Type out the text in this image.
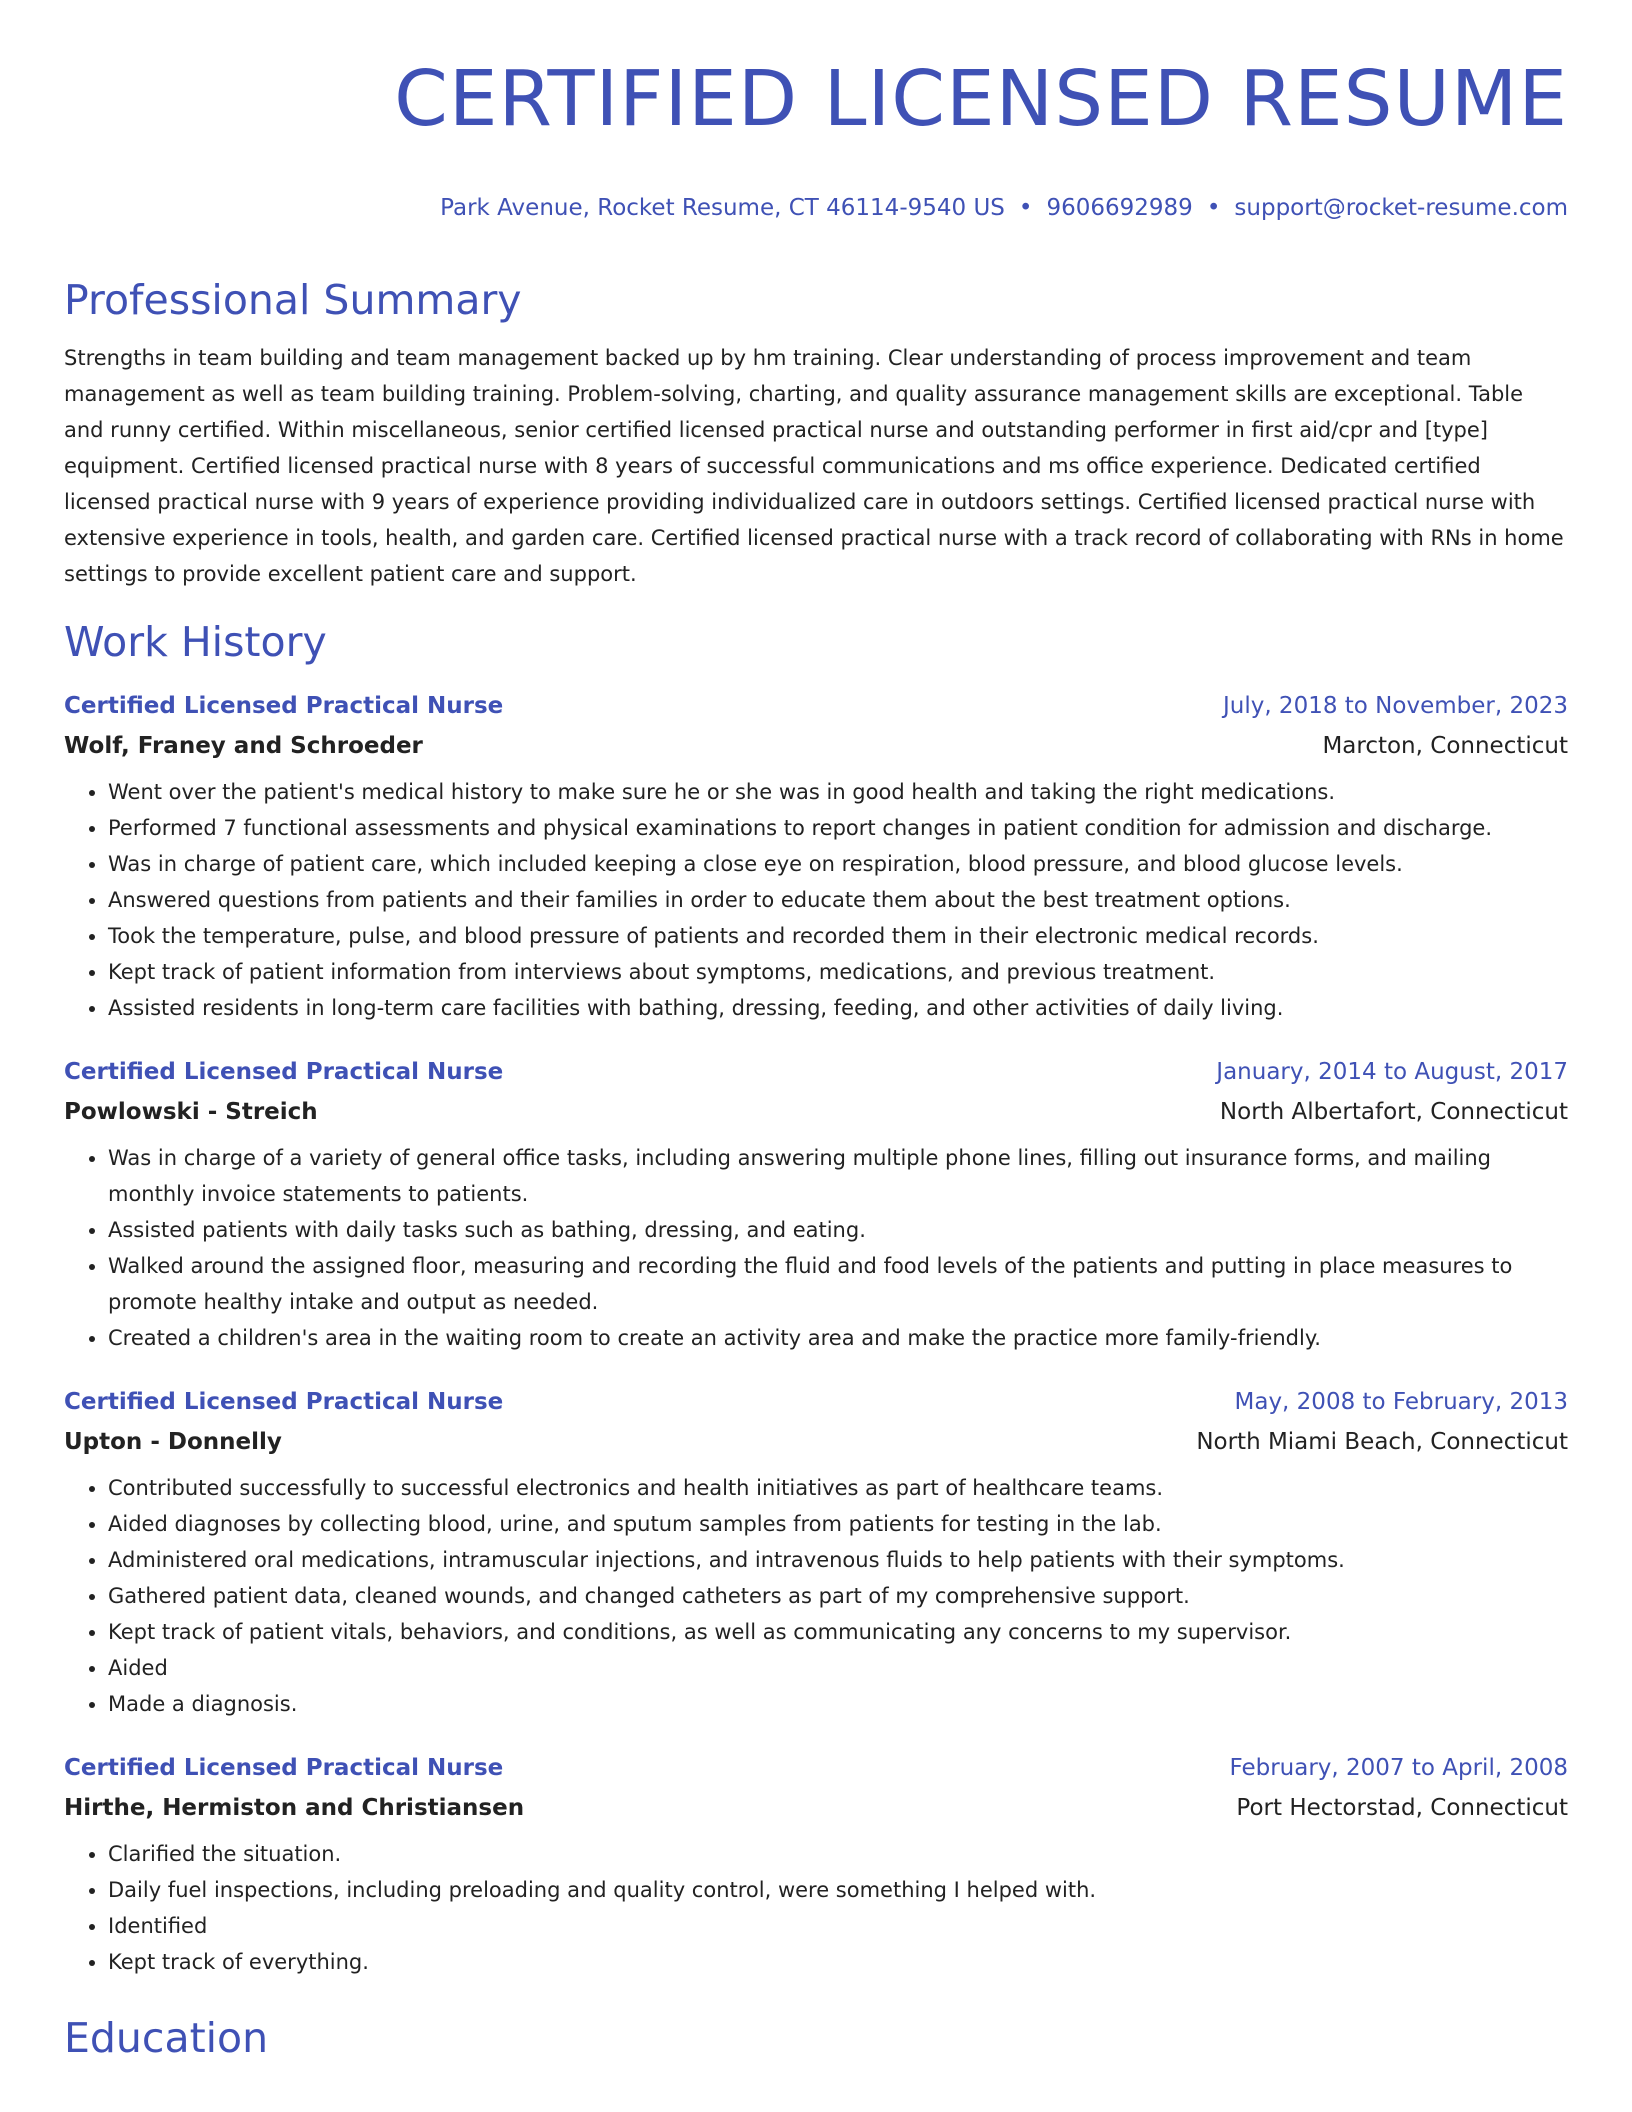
CERTIFIED LICENSED RESUME
Park Avenue, Rocket Resume, CT 46114-9540 US • 9606692989 • support@rocket-resume.com
Professional Summary
Strengths in team building and team management backed up by hm training. Clear understanding of process improvement and team management as well as team building training. Problem-solving, charting, and quality assurance management skills are exceptional. Table and runny certified. Within miscellaneous, senior certified licensed practical nurse and outstanding performer in first aid/cpr and [type] equipment. Certified licensed practical nurse with 8 years of successful communications and ms office experience. Dedicated certified licensed practical nurse with 9 years of experience providing individualized care in outdoors settings. Certified licensed practical nurse with extensive experience in tools, health, and garden care. Certified licensed practical nurse with a track record of collaborating with RNs in home settings to provide excellent patient care and support.
Work History
Certified Licensed Practical Nurse	July, 2018 to November, 2023
Wolf, Franey and Schroeder	Marcton, Connecticut
• Went over the patient's medical history to make sure he or she was in good health and taking the right medications.
• Performed 7 functional assessments and physical examinations to report changes in patient condition for admission and discharge.
• Was in charge of patient care, which included keeping a close eye on respiration, blood pressure, and blood glucose levels.
• Answered questions from patients and their families in order to educate them about the best treatment options.
• Took the temperature, pulse, and blood pressure of patients and recorded them in their electronic medical records.
• Kept track of patient information from interviews about symptoms, medications, and previous treatment.
• Assisted residents in long-term care facilities with bathing, dressing, feeding, and other activities of daily living.
Certified Licensed Practical Nurse	January, 2014 to August, 2017
Powlowski - Streich	North Albertafort, Connecticut
• Was in charge of a variety of general office tasks, including answering multiple phone lines, filling out insurance forms, and mailing monthly invoice statements to patients.
• Assisted patients with daily tasks such as bathing, dressing, and eating.
• Walked around the assigned floor, measuring and recording the fluid and food levels of the patients and putting in place measures to promote healthy intake and output as needed.
• Created a children's area in the waiting room to create an activity area and make the practice more family-friendly.
Certified Licensed Practical Nurse	May, 2008 to February, 2013
Upton - Donnelly	North Miami Beach, Connecticut
• Contributed successfully to successful electronics and health initiatives as part of healthcare teams.
• Aided diagnoses by collecting blood, urine, and sputum samples from patients for testing in the lab.
• Administered oral medications, intramuscular injections, and intravenous fluids to help patients with their symptoms.
• Gathered patient data, cleaned wounds, and changed catheters as part of my comprehensive support.
• Kept track of patient vitals, behaviors, and conditions, as well as communicating any concerns to my supervisor.
• Aided
• Made a diagnosis.
Certified Licensed Practical Nurse	February, 2007 to April, 2008
Hirthe, Hermiston and Christiansen	Port Hectorstad, Connecticut
• Clarified the situation.
• Daily fuel inspections, including preloading and quality control, were something I helped with.
• Identified
• Kept track of everything.
Education
